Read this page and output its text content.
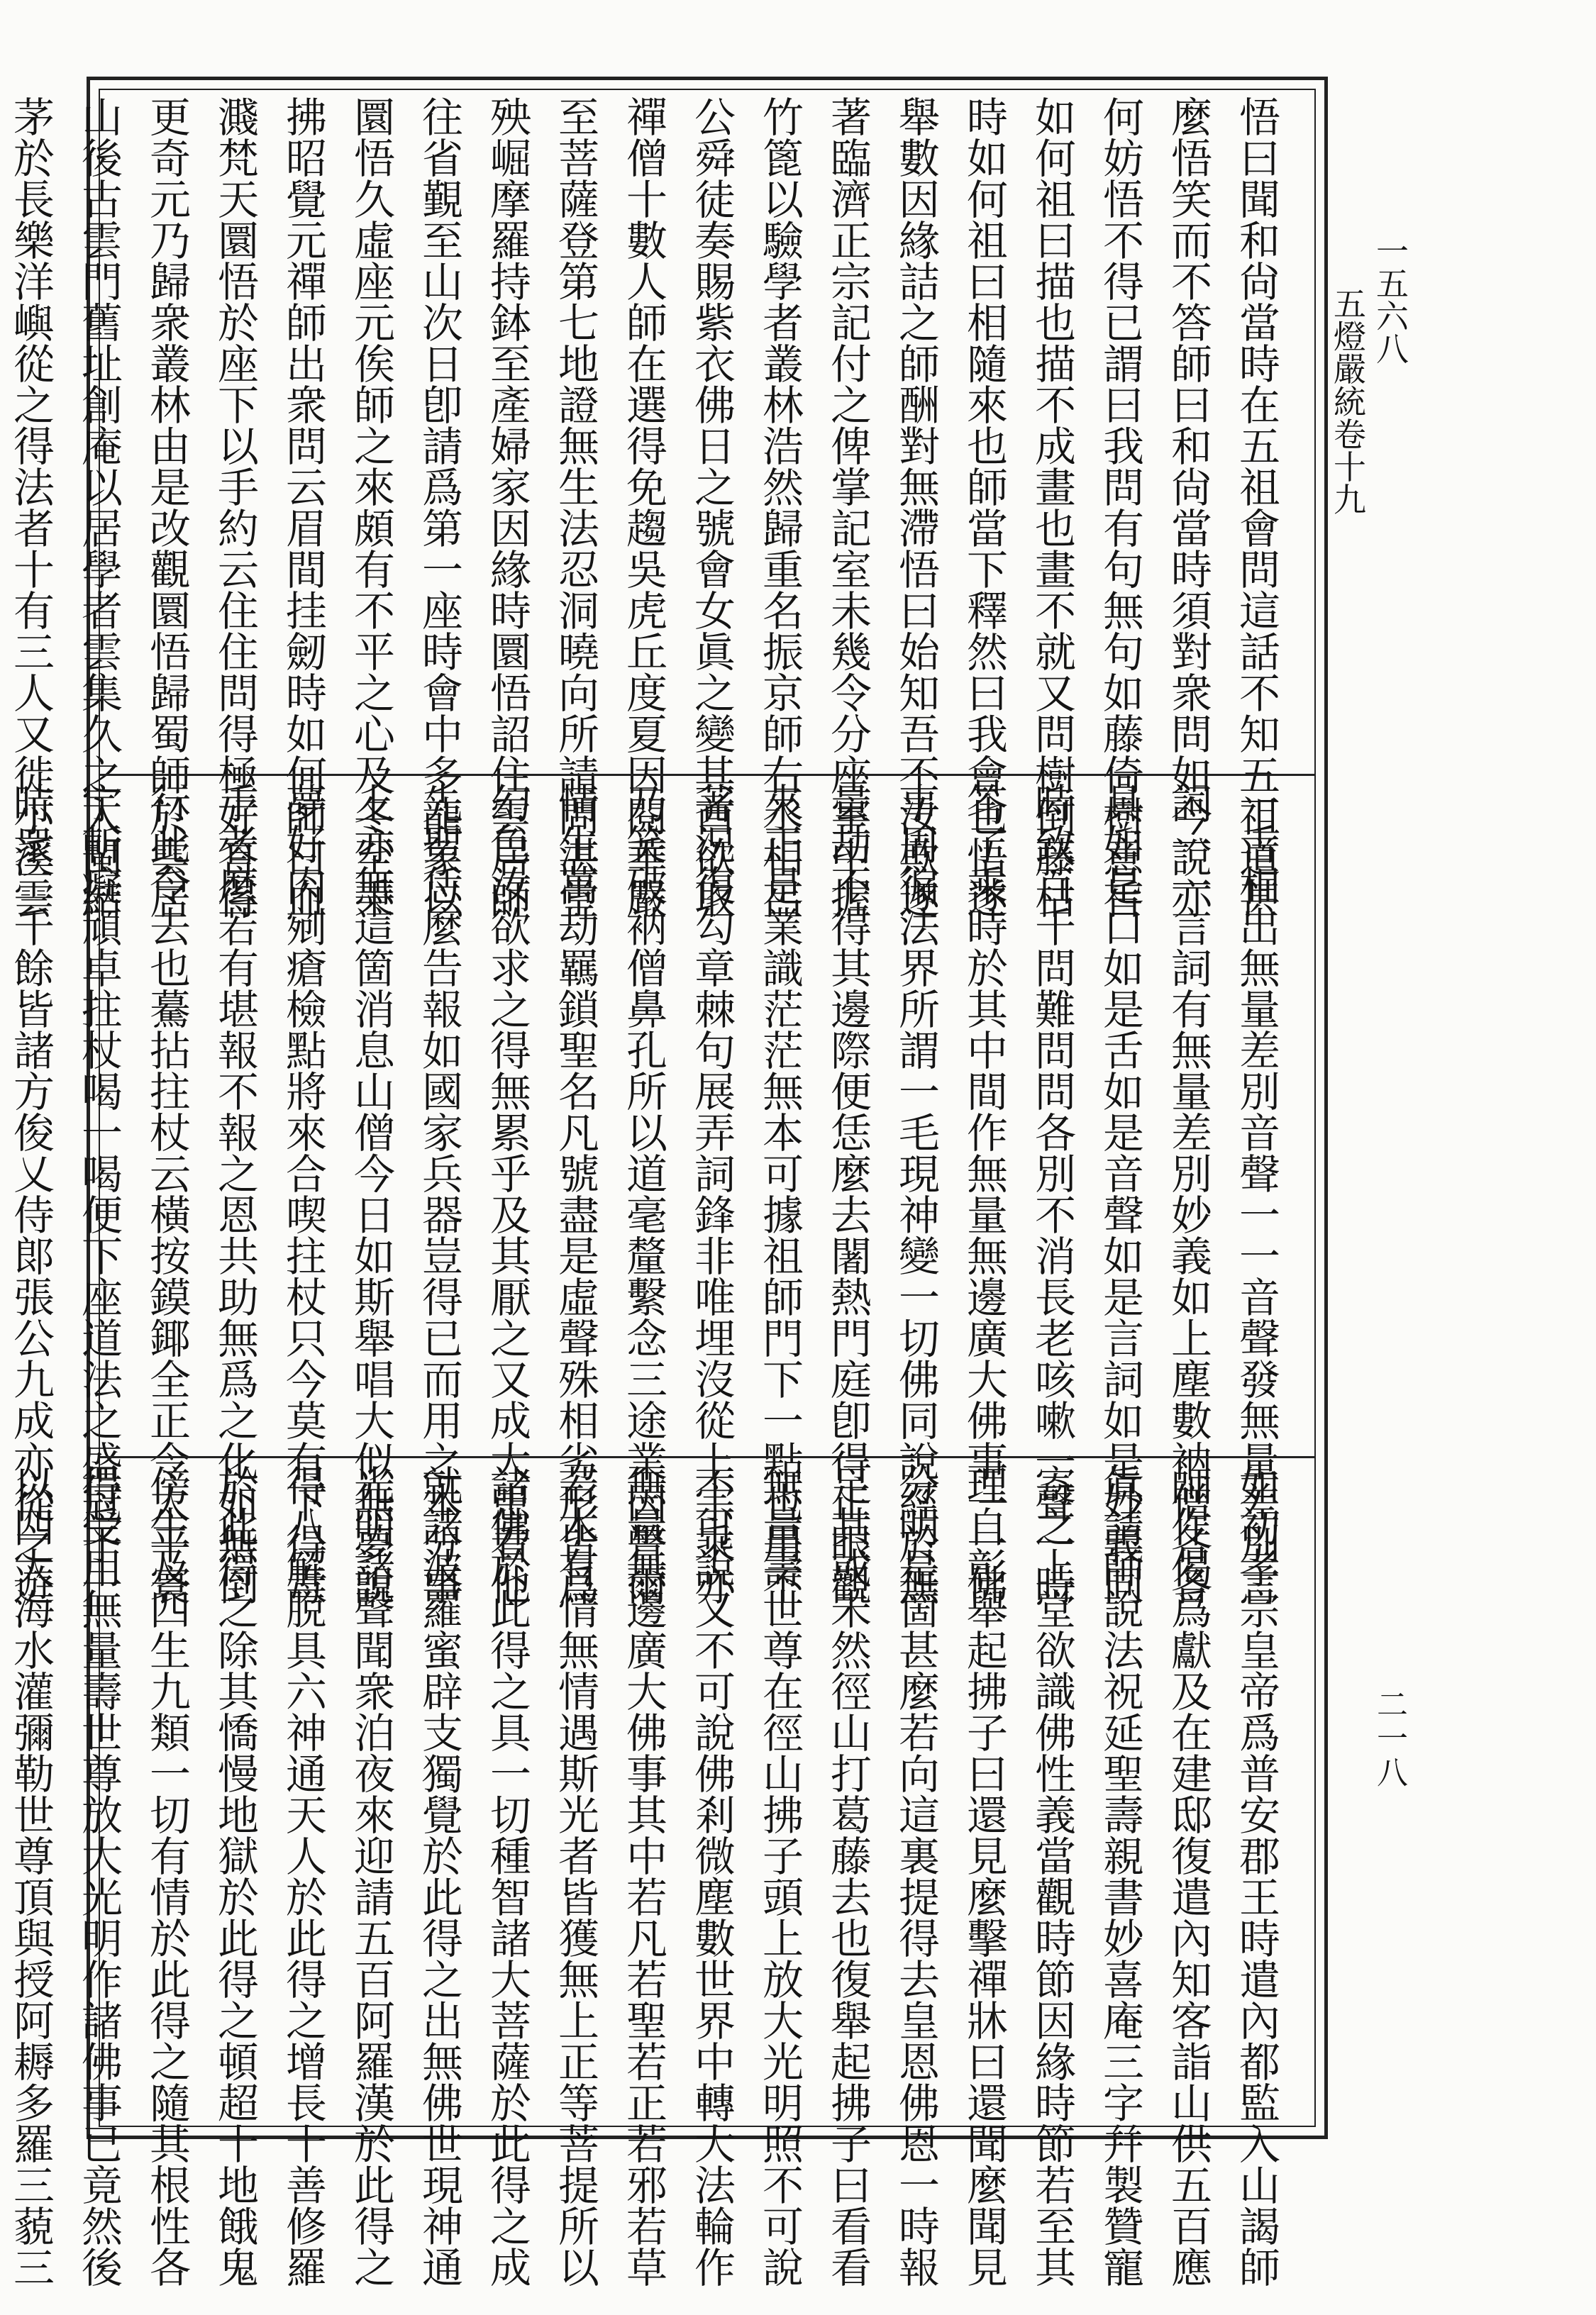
一五六八
五燈嚴統卷十九
二一八
悟曰聞和尙當時在五祖會問這話不知五祖道甚
麼悟笑而不答師曰和尙當時須對衆問如今說亦
何妨悟不得已謂曰我問有句無句如藤倚樹意旨
如何祖曰描也描不成畫也畫不就又問樹倒藤枯
時如何祖曰相隨來也師當下釋然曰我會也悟遂
舉數因緣詰之師酬對無滯悟曰始知吾不汝欺遂
著臨濟正宗記付之俾掌記室未幾令分座室中握
竹篦以驗學者叢林浩然歸重名振京師右丞相呂
公舜徒奏賜紫衣佛日之號會女眞之變其酋欲取
禪僧十數人師在選得免趨吳虎丘度夏因閱華嚴
至菩薩登第七地證無生法忍洞曉向所請問湛堂
殃崛摩羅持鉢至產婦家因緣時圜悟詔住雲居師
往省覲至山次日卽請爲第一座時會中多龍象以
圜悟久虛座元俟師之來頗有不平之心及冬至秉
拂昭覺元禪師出衆問云眉間挂劒時如何師曰血
濺梵天圜悟於座下以手約云住住問得極好答得
更奇元乃歸衆叢林由是改觀圜悟歸蜀師於雲居
山後古雲門舊址創庵以居學者雲集久之入閩結
茅於長樂洋嶼從之得法者十有三人又徙小溪雲
一舌相出無量差別音聲一一音聲發無量差別言
詞一一言詞有無量差別妙義如上塵數衲僧各各
具如是口如是舌如是音聲如是言詞如是妙義同
時致百千問難問問各別不消長老咳嗽一聲一時
答了乘時於其中間作無量無邊廣大佛事一一佛
事周徧法界所謂一毛現神變一切佛同說經於無
量劫不得其邊際便恁麼去闍熱門庭卽得正眼觀
來正是業識茫茫無本可據祖師門下一點也用不
著況復勾章棘句展弄詞鋒非唯埋沒從上宗乘亦
乃笑破衲僧鼻孔所以道毫釐繫念三途業因瞥爾
情生萬劫羈鎖聖名凡號盡是虛聲殊相劣形皆爲
幻色汝欲求之得無累乎及其厭之又成大患看他
先聖恁麼告報如國家兵器豈得已而用之本分事
上亦無這箇消息山僧今日如斯舉唱大似無夢說
夢好肉剜瘡檢點將來合喫拄杖只今莫有下得毒
手者麼若有堪報不報之恩共助無爲之化如無倒
行此令去也驀拈拄杖云橫按鏌鎁全正令太平寰
宇斬癡頑卓拄杖喝一喝便下座道法之盛冠于一
時衆二千餘皆諸方俊乂侍郞張公九成亦從之遊
如初孝宗皇帝爲普安郡王時遣內都監入山謁師
師作偈爲獻及在建邸復遣內知客詣山供五百應
眞請師說法祝延聖壽親書妙喜庵三字幷製贊寵
寄之上堂欲識佛性義當觀時節因緣時節若至其
理自彰舉起拂子曰還見麼擊禪牀曰還聞麼聞見
分明是箇甚麼若向這裏提得去皇恩佛恩一時報
足其或未然徑山打葛藤去也復舉起拂子曰看看
無量壽世尊在徑山拂子頭上放大光明照不可說
不可說又不可說佛剎微塵數世界中轉大法輪作
無量無邊廣大佛事其中若凡若聖若正若邪若草
若木有情無情遇斯光者皆獲無上正等菩提所以
諸佛於此得之具一切種智諸大菩薩於此得之成
就諸波羅蜜辟支獨覺於此得之出無佛世現神通
光明諸聲聞衆泊夜來迎請五百阿羅漢於此得之
得八解脫具六神通天人於此得之增長十善修羅
於此得之除其憍慢地獄於此得之頓超十地餓鬼
傍生及四生九類一切有情於此得之隨其根性各
得受用無量壽世尊放大光明作諸佛事已竟然後
以四大海水灌彌勒世尊頂與授阿耨多羅三藐三
